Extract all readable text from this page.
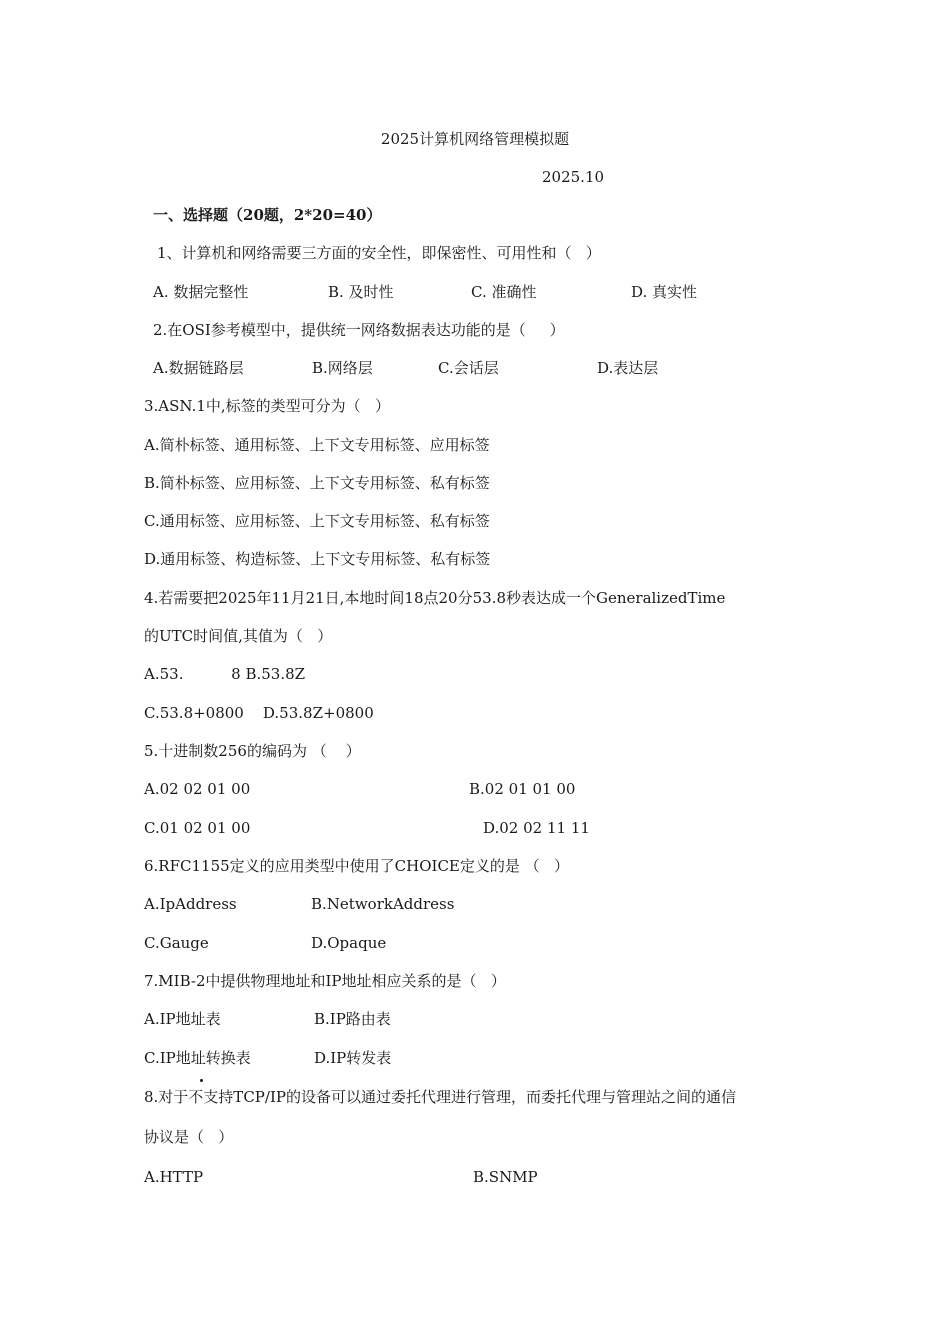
2025计算机网络管理模拟题
2025.10
一、选择题（20题，2*20=40）
1、计算机和网络需要三方面的安全性，即保密性、可用性和（   ）
A. 数据完整性	B. 及时性	C. 准确性	D. 真实性
2.在OSI参考模型中，提供统一网络数据表达功能的是（     ）
A.数据链路层	B.网络层	C.会话层	D.表达层
3.ASN.1中,标签的类型可分为（   ）
A.简朴标签、通用标签、上下文专用标签、应用标签
B.简朴标签、应用标签、上下文专用标签、私有标签
C.通用标签、应用标签、上下文专用标签、私有标签
D.通用标签、构造标签、上下文专用标签、私有标签
4.若需要把2025年11月21日,本地时间18点20分53.8秒表达成一个GeneralizedTime
的UTC时间值,其值为（   ）
A.53.          8 B.53.8Z
C.53.8+0800    D.53.8Z+0800
5.十进制数256的编码为 （    ）
A.02 02 01 00	B.02 01 01 00
C.01 02 01 00	D.02 02 11 11
6.RFC1155定义的应用类型中使用了CHOICE定义的是 （   ）
A.IpAddress	B.NetworkAddress
C.Gauge	D.Opaque
7.MIB-2中提供物理地址和IP地址相应关系的是（   ）
A.IP地址表	B.IP路由表
C.IP地址转换表	D.IP转发表
8.对于不支持TCP/IP的设备可以通过委托代理进行管理，而委托代理与管理站之间的通信
协议是（   ）
A.HTTP	B.SNMP
